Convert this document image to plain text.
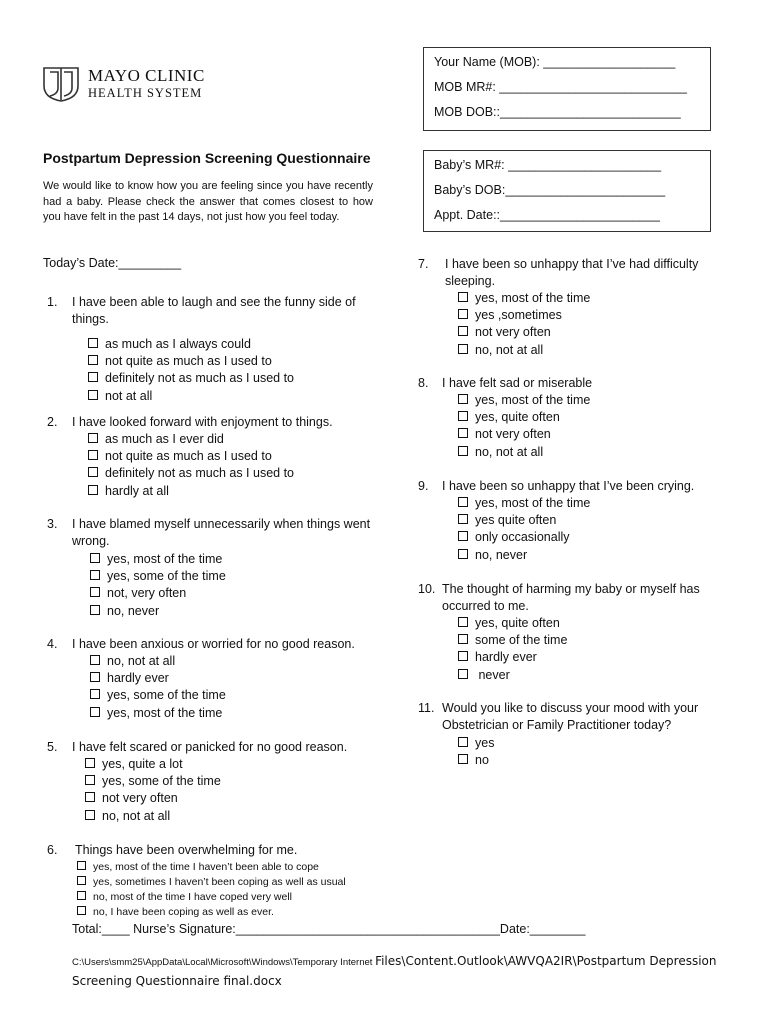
MAYO CLINIC
HEALTH SYSTEM
Your Name (MOB): ___________________
MOB MR#: ___________________________
MOB DOB::__________________________
Baby’s MR#: ______________________
Baby’s DOB:_______________________
Appt. Date::_______________________
Postpartum Depression Screening Questionnaire
We would like to know how you are feeling since you have recently had a baby. Please check the answer that comes closest to how you have felt in the past 14 days, not just how you feel today.
Today’s Date:_________
1. I have been able to laugh and see the funny side of
things.
as much as I always could
not quite as much as I used to
definitely not as much as I used to
not at all
2. I have looked forward with enjoyment to things.
as much as I ever did
not quite as much as I used to
definitely not as much as I used to
hardly at all
3. I have blamed myself unnecessarily when things went
wrong.
yes, most of the time
yes, some of the time
not, very often
no, never
4. I have been anxious or worried for no good reason.
no, not at all
hardly ever
yes, some of the time
yes, most of the time
5. I have felt scared or panicked for no good reason.
yes, quite a lot
yes, some of the time
not very often
no, not at all
6. Things have been overwhelming for me.
yes, most of the time I haven’t been able to cope
yes, sometimes I haven’t been coping as well as usual
no, most of the time I have coped very well
no, I have been coping as well as ever.
7. I have been so unhappy that I’ve had difficulty
sleeping.
yes, most of the time
yes ,sometimes
not very often
no, not at all
8. I have felt sad or miserable
yes, most of the time
yes, quite often
not very often
no, not at all
9. I have been so unhappy that I’ve been crying.
yes, most of the time
yes quite often
only occasionally
no, never
10. The thought of harming my baby or myself has
occurred to me.
yes, quite often
some of the time
hardly ever
never
11. Would you like to discuss your mood with your
Obstetrician or Family Practitioner today?
yes
no
Total:____ Nurse’s Signature:______________________________________Date:________
C:\Users\smm25\AppData\Local\Microsoft\Windows\Temporary Internet Files\Content.Outlook\AWVQA2IR\Postpartum Depression
Screening Questionnaire final.docx
